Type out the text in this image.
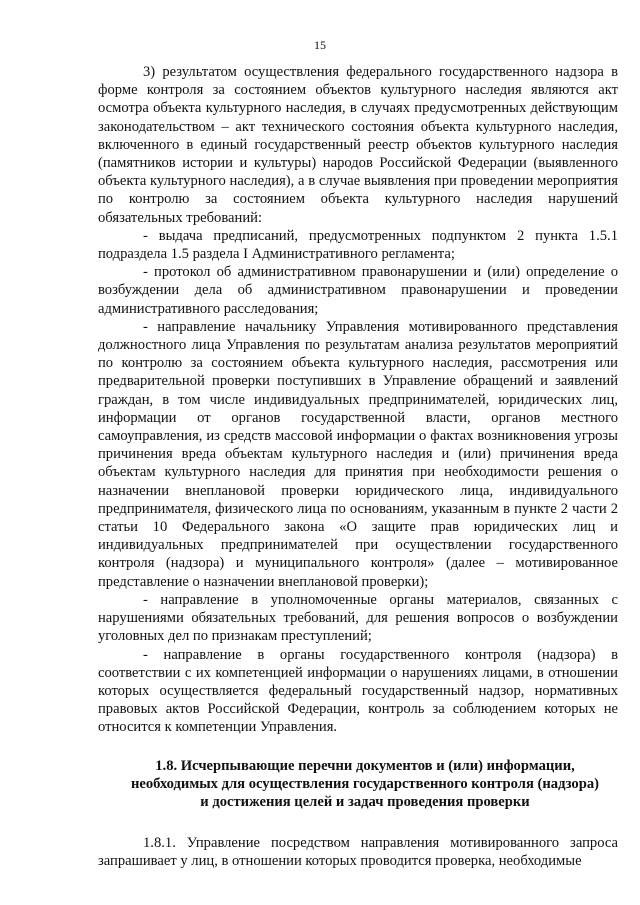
15

3) результатом осуществления федерального государственного надзора в форме контроля за состоянием объектов культурного наследия являются акт осмотра объекта культурного наследия, в случаях предусмотренных действующим законодательством – акт технического состояния объекта культурного наследия, включенного в единый государственный реестр объектов культурного наследия (памятников истории и культуры) народов Российской Федерации (выявленного объекта культурного наследия), а в случае выявления при проведении мероприятия по контролю за состоянием объекта культурного наследия нарушений обязательных требований:

- выдача предписаний, предусмотренных подпунктом 2 пункта 1.5.1 подраздела 1.5 раздела I Административного регламента;

- протокол об административном правонарушении и (или) определение о возбуждении дела об административном правонарушении и проведении административного расследования;

- направление начальнику Управления мотивированного представления должностного лица Управления по результатам анализа результатов мероприятий по контролю за состоянием объекта культурного наследия, рассмотрения или предварительной проверки поступивших в Управление обращений и заявлений граждан, в том числе индивидуальных предпринимателей, юридических лиц, информации от органов государственной власти, органов местного самоуправления, из средств массовой информации о фактах возникновения угрозы причинения вреда объектам культурного наследия и (или) причинения вреда объектам культурного наследия для принятия при необходимости решения о назначении внеплановой проверки юридического лица, индивидуального предпринимателя, физического лица по основаниям, указанным в пункте 2 части 2 статьи 10 Федерального закона «О защите прав юридических лиц и индивидуальных предпринимателей при осуществлении государственного контроля (надзора) и муниципального контроля» (далее – мотивированное представление о назначении внеплановой проверки);

- направление в уполномоченные органы материалов, связанных с нарушениями обязательных требований, для решения вопросов о возбуждении уголовных дел по признакам преступлений;

- направление в органы государственного контроля (надзора) в соответствии с их компетенцией информации о нарушениях лицами, в отношении которых осуществляется федеральный государственный надзор, нормативных правовых актов Российской Федерации, контроль за соблюдением которых не относится к компетенции Управления.

1.8. Исчерпывающие перечни документов и (или) информации,
необходимых для осуществления государственного контроля (надзора)
и достижения целей и задач проведения проверки

1.8.1. Управление посредством направления мотивированного запроса запрашивает у лиц, в отношении которых проводится проверка, необходимые
